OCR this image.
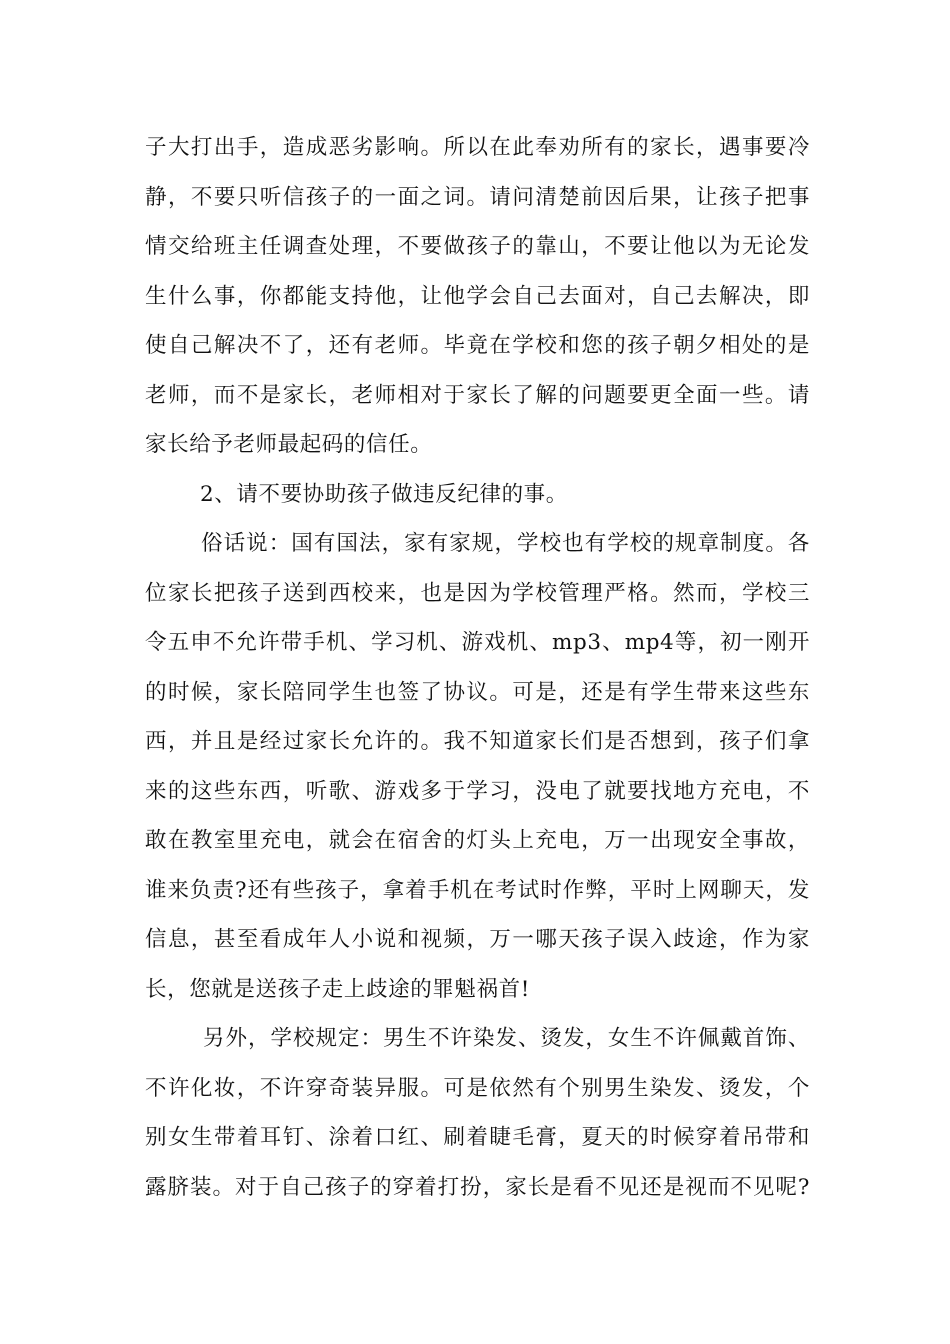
子大打出手，造成恶劣影响。所以在此奉劝所有的家长，遇事要冷
静，不要只听信孩子的一面之词。请问清楚前因后果，让孩子把事
情交给班主任调查处理，不要做孩子的靠山，不要让他以为无论发
生什么事，你都能支持他，让他学会自己去面对，自己去解决，即
使自己解决不了，还有老师。毕竟在学校和您的孩子朝夕相处的是
老师，而不是家长，老师相对于家长了解的问题要更全面一些。请
家长给予老师最起码的信任。
2、请不要协助孩子做违反纪律的事。
俗话说：国有国法，家有家规，学校也有学校的规章制度。各
位家长把孩子送到西校来，也是因为学校管理严格。然而，学校三
令五申不允许带手机、学习机、游戏机、mp3、mp4等，初一刚开
的时候，家长陪同学生也签了协议。可是，还是有学生带来这些东
西，并且是经过家长允许的。我不知道家长们是否想到，孩子们拿
来的这些东西，听歌、游戏多于学习，没电了就要找地方充电，不
敢在教室里充电，就会在宿舍的灯头上充电，万一出现安全事故，
谁来负责?还有些孩子，拿着手机在考试时作弊，平时上网聊天，发
信息，甚至看成年人小说和视频，万一哪天孩子误入歧途，作为家
长，您就是送孩子走上歧途的罪魁祸首!
另外，学校规定：男生不许染发、烫发，女生不许佩戴首饰、
不许化妆，不许穿奇装异服。可是依然有个别男生染发、烫发，个
别女生带着耳钉、涂着口红、刷着睫毛膏，夏天的时候穿着吊带和
露脐装。对于自己孩子的穿着打扮，家长是看不见还是视而不见呢?
